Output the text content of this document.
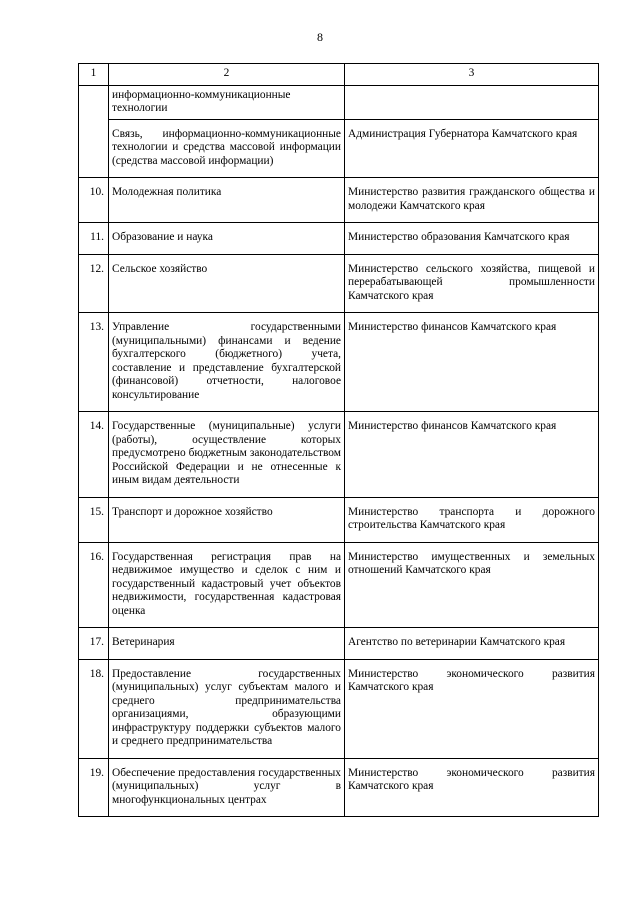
8
1	2	3
	информационно-коммуникационные технологии	
	Связь, информационно-коммуникационные технологии и средства массовой информации (средства массовой информации)	Администрация Губернатора Камчатского края
10.	Молодежная политика	Министерство развития гражданского общества и молодежи Камчатского края
11.	Образование и наука	Министерство образования Камчатского края
12.	Сельское хозяйство	Министерство сельского хозяйства, пищевой и перерабатывающей промышленности Камчатского края
13.	Управление государственными (муниципальными) финансами и ведение бухгалтерского (бюджетного) учета, составление и представление бухгалтерской (финансовой) отчетности, налоговое консультирование	Министерство финансов Камчатского края
14.	Государственные (муниципальные) услуги (работы), осуществление которых предусмотрено бюджетным законодательством Российской Федерации и не отнесенные к иным видам деятельности	Министерство финансов Камчатского края
15.	Транспорт и дорожное хозяйство	Министерство транспорта и дорожного строительства Камчатского края
16.	Государственная регистрация прав на недвижимое имущество и сделок с ним и государственный кадастровый учет объектов недвижимости, государственная кадастровая оценка	Министерство имущественных и земельных отношений Камчатского края
17.	Ветеринария	Агентство по ветеринарии Камчатского края
18.	Предоставление государственных (муниципальных) услуг субъектам малого и среднего предпринимательства организациями, образующими инфраструктуру поддержки субъектов малого и среднего предпринимательства	Министерство экономического развития Камчатского края
19.	Обеспечение предоставления государственных (муниципальных) услуг в многофункциональных центрах	Министерство экономического развития Камчатского края
